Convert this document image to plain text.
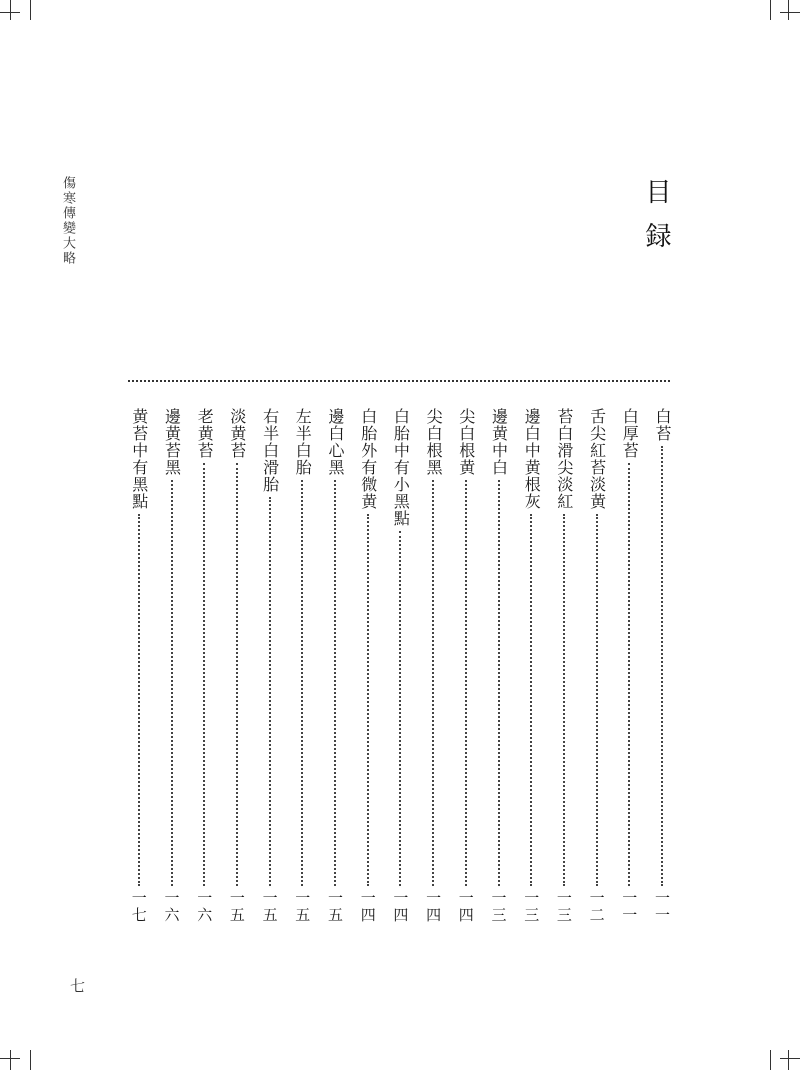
傷寒傳變大略
七
目録
白苔
一一
白厚苔
一一
舌尖紅苔淡黄
一二
苔白滑尖淡紅
一三
邊白中黄根灰
一三
邊黄中白
一三
尖白根黄
一四
尖白根黑
一四
白胎中有小黑點
一四
白胎外有微黄
一四
邊白心黑
一五
左半白胎
一五
右半白滑胎
一五
淡黄苔
一五
老黄苔
一六
邊黄苔黑
一六
黄苔中有黑點
一七
